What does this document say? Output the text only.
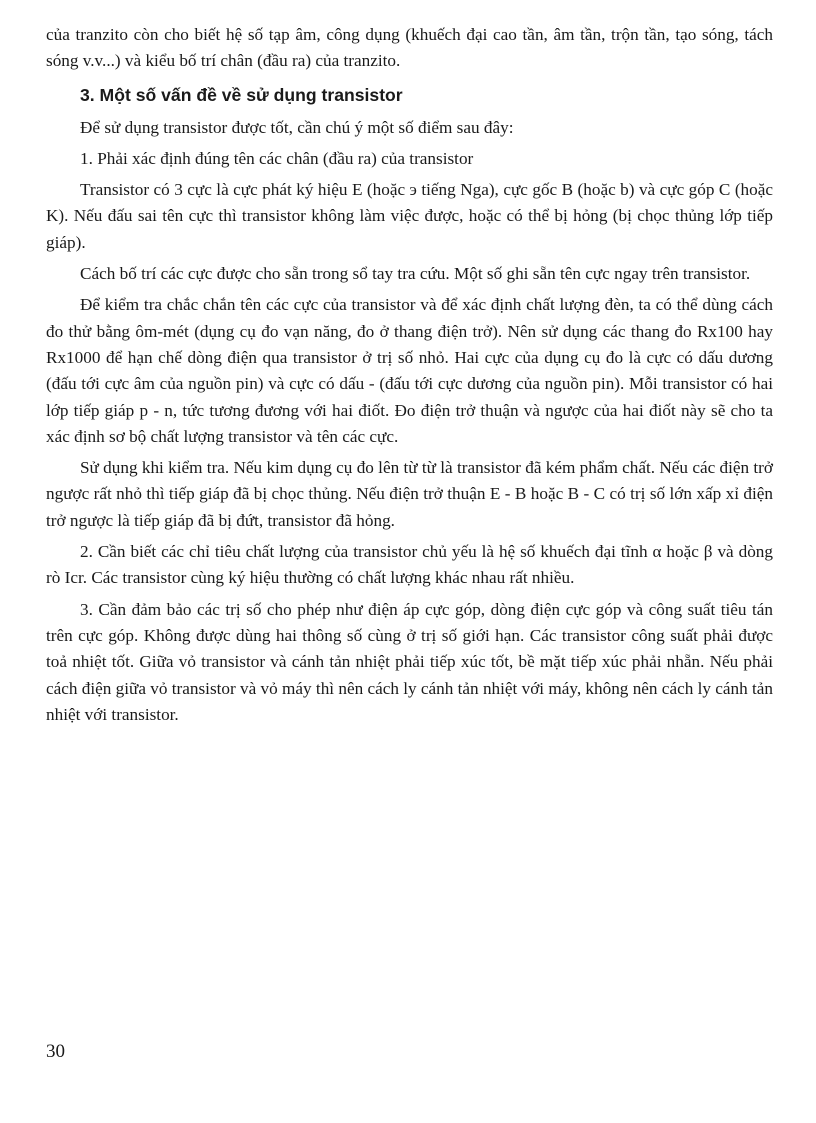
của tranzito còn cho biết hệ số tạp âm, công dụng (khuếch đại cao tần, âm tần, trộn tần, tạo sóng, tách sóng v.v...) và kiểu bố trí chân (đầu ra) của tranzito.

3. Một số vấn đề về sử dụng transistor

Để sử dụng transistor được tốt, cần chú ý một số điểm sau đây:

1. Phải xác định đúng tên các chân (đầu ra) của transistor

Transistor có 3 cực là cực phát ký hiệu E (hoặc э tiếng Nga), cực gốc B (hoặc b) và cực góp C (hoặc K). Nếu đấu sai tên cực thì transistor không làm việc được, hoặc có thể bị hỏng (bị chọc thủng lớp tiếp giáp).

Cách bố trí các cực được cho sẵn trong sổ tay tra cứu. Một số ghi sẵn tên cực ngay trên transistor.

Để kiểm tra chắc chắn tên các cực của transistor và để xác định chất lượng đèn, ta có thể dùng cách đo thử bằng ôm-mét (dụng cụ đo vạn năng, đo ở thang điện trở). Nên sử dụng các thang đo Rx100 hay Rx1000 để hạn chế dòng điện qua transistor ở trị số nhỏ. Hai cực của dụng cụ đo là cực có dấu dương (đấu tới cực âm của nguồn pin) và cực có dấu - (đấu tới cực dương của nguồn pin). Mỗi transistor có hai lớp tiếp giáp p - n, tức tương đương với hai điốt. Đo điện trở thuận và ngược của hai điốt này sẽ cho ta xác định sơ bộ chất lượng transistor và tên các cực.

Sử dụng khi kiểm tra. Nếu kim dụng cụ đo lên từ từ là transistor đã kém phẩm chất. Nếu các điện trở ngược rất nhỏ thì tiếp giáp đã bị chọc thủng. Nếu điện trở thuận E - B hoặc B - C có trị số lớn xấp xỉ điện trở ngược là tiếp giáp đã bị đứt, transistor đã hỏng.

2. Cần biết các chỉ tiêu chất lượng của transistor chủ yếu là hệ số khuếch đại tĩnh α hoặc β và dòng rò Icr. Các transistor cùng ký hiệu thường có chất lượng khác nhau rất nhiều.

3. Cần đảm bảo các trị số cho phép như điện áp cực góp, dòng điện cực góp và công suất tiêu tán trên cực góp. Không được dùng hai thông số cùng ở trị số giới hạn. Các transistor công suất phải được toả nhiệt tốt. Giữa vỏ transistor và cánh tản nhiệt phải tiếp xúc tốt, bề mặt tiếp xúc phải nhẵn. Nếu phải cách điện giữa vỏ transistor và vỏ máy thì nên cách ly cánh tản nhiệt với máy, không nên cách ly cánh tản nhiệt với transistor.

30
